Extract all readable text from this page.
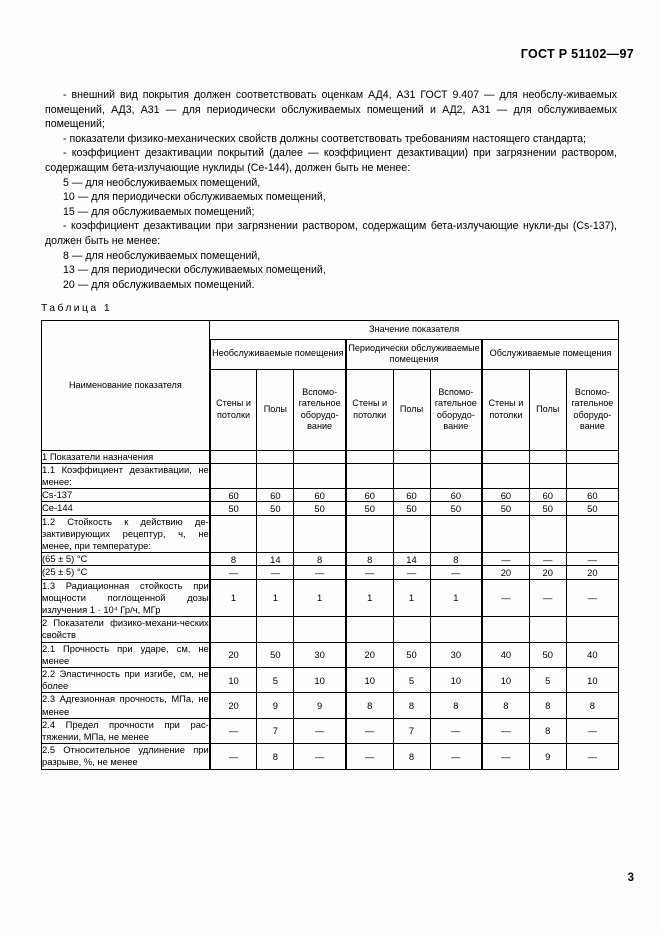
ГОСТ Р 51102—97

- внешний вид покрытия должен соответствовать оценкам АД4, А31 ГОСТ 9.407 — для необслу-живаемых помещений, АД3, А31 — для периодически обслуживаемых помещений и АД2, А31 — для обслуживаемых помещений;

- показатели физико-механических свойств должны соответствовать требованиям настоящего стандарта;

- коэффициент дезактивации покрытий (далее — коэффициент дезактивации) при загрязнении раствором, содержащим бета-излучающие нуклиды (Се-144), должен быть не менее:

5 — для необслуживаемых помещений,

10 — для периодически обслуживаемых помещений,

15 — для обслуживаемых помещений;

- коэффициент дезактивации при загрязнении раствором, содержащим бета-излучающие нукли-ды (Cs-137), должен быть не менее:

8 — для необслуживаемых помещений,

13 — для периодически обслуживаемых помещений,

20 — для обслуживаемых помещений.

Таблица 1
Наименование показателя	Значение показателя								
	Необслуживаемые помещения			Периодически обслуживаемые помещения			Обслуживаемые помещения		
	Стены и потолки	Полы	Вспомо-гательное оборудо-вание	Стены и потолки	Полы	Вспомо-гательное оборудо-вание	Стены и потолки	Полы	Вспомо-гательное оборудо-вание
1 Показатели назначения									
1.1 Коэффициент дезактивации, не менее:									
Cs-137	60	60	60	60	60	60	60	60	60
Ce-144	50	50	50	50	50	50	50	50	50
1.2 Стойкость к действию де-зактивирующих рецептур, ч, не менее, при температуре:									
(65 ± 5) °C	8	14	8	8	14	8	—	—	—
(25 ± 5) °C	—	—	—	—	—	—	20	20	20
1.3 Радиационная стойкость при мощности поглощенной дозы излучения 1 · 10⁴ Гр/ч, МГр	1	1	1	1	1	1	—	—	—
2 Показатели физико-механи-ческих свойств									
2.1 Прочность при ударе, см, не менее	20	50	30	20	50	30	40	50	40
2.2 Эластичность при изгибе, см, не более	10	5	10	10	5	10	10	5	10
2.3 Адгезионная прочность, МПа, не менее	20	9	9	8	8	8	8	8	8
2.4 Предел прочности при рас-тяжении, МПа, не менее	—	7	—	—	7	—	—	8	—
2.5 Относительное удлинение при разрыве, %, не менее	—	8	—	—	8	—	—	9	—
3
